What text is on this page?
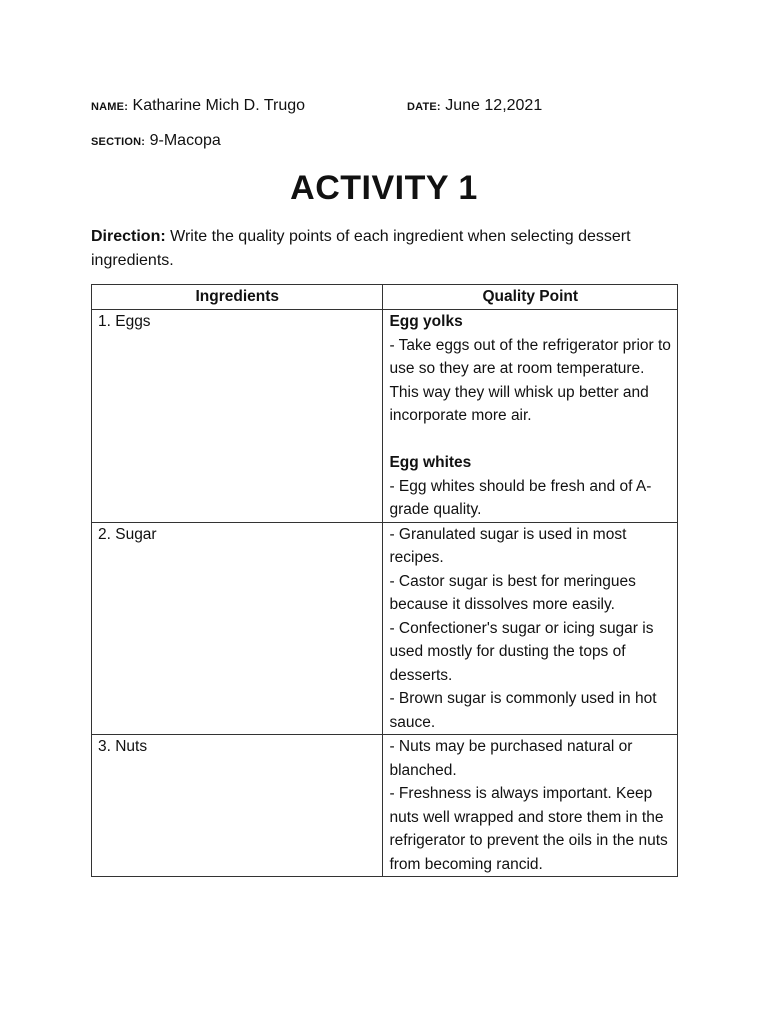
NAME: Katharine Mich D. Trugo	DATE: June 12,2021
SECTION: 9-Macopa
ACTIVITY 1
Direction: Write the quality points of each ingredient when selecting dessert ingredients.
Ingredients	Quality Point
1. Eggs	Egg yolks
- Take eggs out of the refrigerator prior to use so they are at room temperature. This way they will whisk up better and incorporate more air.
Egg whites
- Egg whites should be fresh and of A-grade quality.

2. Sugar	- Granulated sugar is used in most recipes.
- Castor sugar is best for meringues because it dissolves more easily.
- Confectioner's sugar or icing sugar is used mostly for dusting the tops of desserts.
- Brown sugar is commonly used in hot sauce.

3. Nuts	- Nuts may be purchased natural or blanched.
- Freshness is always important. Keep nuts well wrapped and store them in the refrigerator to prevent the oils in the nuts from becoming rancid.
